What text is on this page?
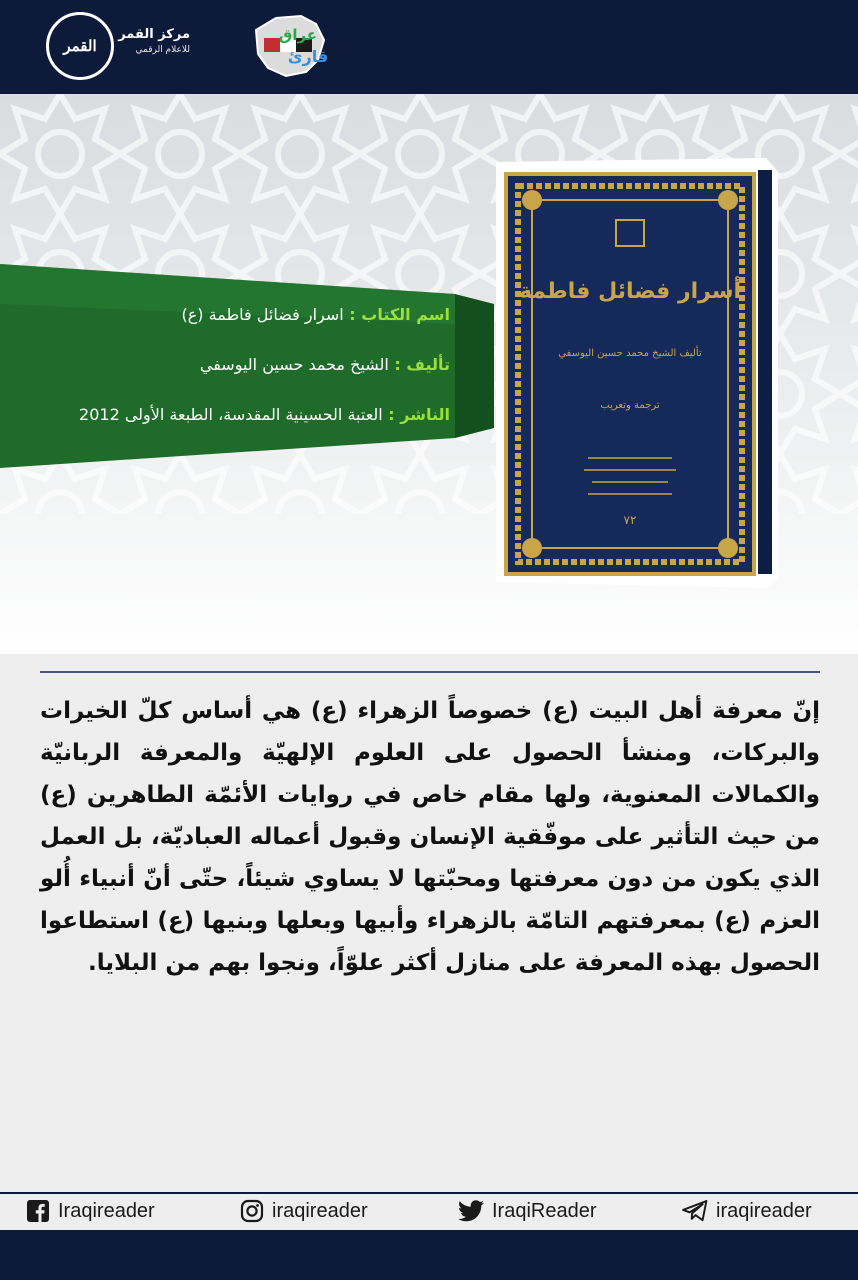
القمر
مركز القمر
للاعلام الرقمي
عراق
قارئ
اسم الكتاب : اسرار فضائل فاطمة (ع)
تأليف : الشيخ محمد حسين اليوسفي
الناشر : العتبة الحسينية المقدسة، الطبعة الأولى 2012
أسرار فضائل فاطمة
تأليف الشيخ محمد حسين اليوسفي
ترجمة وتعريب
٧٢
إنّ معرفة أهل البيت (ع) خصوصاً الزهراء (ع) هي أساس كلّ الخيرات والبركات، ومنشأ الحصول على العلوم الإلهيّة والمعرفة الربانيّة والكمالات المعنوية، ولها مقام خاص في روايات الأئمّة الطاهرين (ع) من حيث التأثير على موفّقية الإنسان وقبول أعماله العباديّة، بل العمل الذي يكون من دون معرفتها ومحبّتها لا يساوي شيئاً، حتّى أنّ أنبياء أُلو العزم (ع) بمعرفتهم التامّة بالزهراء وأبيها وبعلها وبنيها (ع) استطاعوا الحصول بهذه المعرفة على منازل أكثر علوّاً، ونجوا بهم من البلايا.
Iraqireader	iraqireader	IraqiReader	iraqireader
